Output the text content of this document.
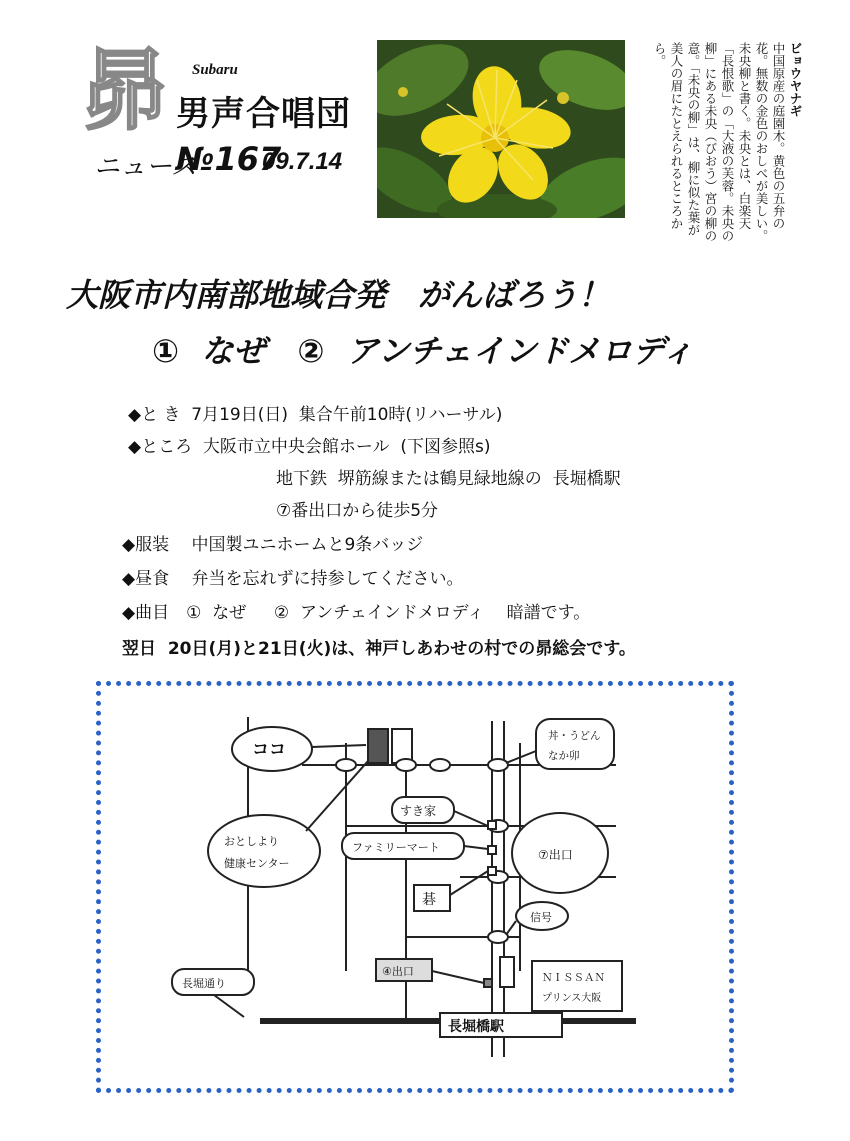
昴 Subaru
男声合唱団
ニュース
№167
09.7.14
ビョウヤナギ
中国原産の庭園木。黄色の五弁の花。無数の金色のおしべが美しい。未央柳と書く。未央とは、白楽天「長恨歌」の「大液の芙蓉。未央の柳」にある未央（びおう）宮の柳の意。「未央の柳」は、柳に似た葉が美人の眉にたとえられるところから。
大阪市内南部地域合発　がんばろう！
①  なぜ　②  アンチェインドメロディ
◆と き  7月19日(日)  集合午前10時(リハーサル)
◆ところ  大阪市立中央会館ホール  (下図参照s)
地下鉄  堺筋線または鶴見緑地線の  長堀橋駅
⑦番出口から徒歩5分
◆服装　 中国製ユニホームと9条バッジ
◆昼食　 弁当を忘れずに持参してください。
◆曲目　①  なぜ　  ②  アンチェインドメロディ　 暗譜です。
翌日  20日(月)と21日(火)は、神戸しあわせの村での昴総会です。
ココ
おとしより
健康センター
丼・うどん
なか卯
すき家
ファミリーマート
⑦出口
碁
信号
④出口	ＮＩＳＳＡＮ
プリンス大阪
長堀通り
長堀橋駅
